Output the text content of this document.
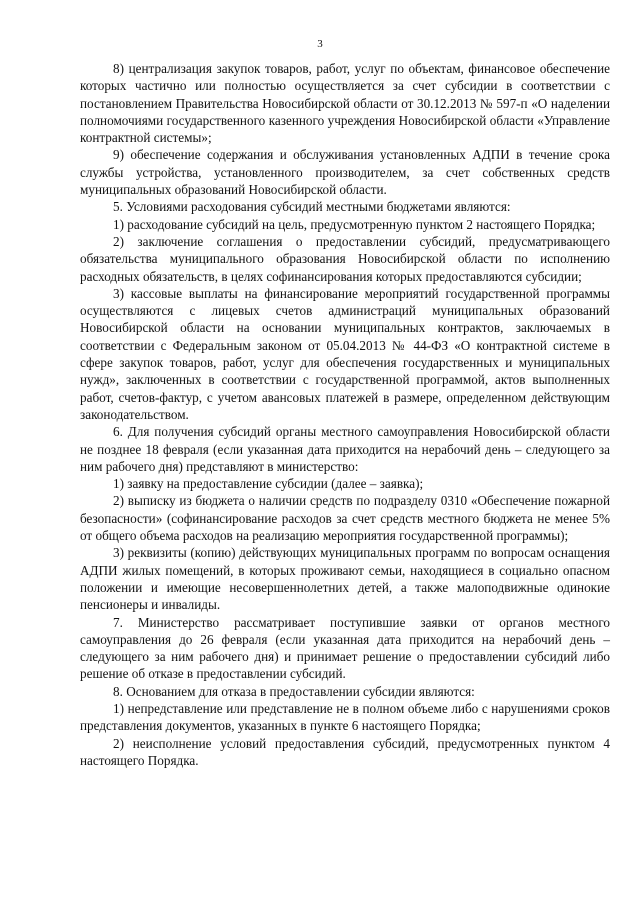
3

8) централизация закупок товаров, работ, услуг по объектам, финансовое обеспечение которых частично или полностью осуществляется за счет субсидии в соответствии с постановлением Правительства Новосибирской области от 30.12.2013 № 597-п «О наделении полномочиями государственного казенного учреждения Новосибирской области «Управление контрактной системы»;

9) обеспечение содержания и обслуживания установленных АДПИ в течение срока службы устройства, установленного производителем, за счет собственных средств муниципальных образований Новосибирской области.

5. Условиями расходования субсидий местными бюджетами являются:

1) расходование субсидий на цель, предусмотренную пунктом 2 настоящего Порядка;

2) заключение соглашения о предоставлении субсидий, предусматривающего обязательства муниципального образования Новосибирской области по исполнению расходных обязательств, в целях софинансирования которых предоставляются субсидии;

3) кассовые выплаты на финансирование мероприятий государственной программы осуществляются с лицевых счетов администраций муниципальных образований Новосибирской области на основании муниципальных контрактов, заключаемых в соответствии с Федеральным законом от 05.04.2013 № 44-ФЗ «О контрактной системе в сфере закупок товаров, работ, услуг для обеспечения государственных и муниципальных нужд», заключенных в соответствии с государственной программой, актов выполненных работ, счетов-фактур, с учетом авансовых платежей в размере, определенном действующим законодательством.

6. Для получения субсидий органы местного самоуправления Новосибирской области не позднее 18 февраля (если указанная дата приходится на нерабочий день – следующего за ним рабочего дня) представляют в министерство:

1) заявку на предоставление субсидии (далее – заявка);

2) выписку из бюджета о наличии средств по подразделу 0310 «Обеспечение пожарной безопасности» (софинансирование расходов за счет средств местного бюджета не менее 5% от общего объема расходов на реализацию мероприятия государственной программы);

3) реквизиты (копию) действующих муниципальных программ по вопросам оснащения АДПИ жилых помещений, в которых проживают семьи, находящиеся в социально опасном положении и имеющие несовершеннолетних детей, а также малоподвижные одинокие пенсионеры и инвалиды.

7. Министерство рассматривает поступившие заявки от органов местного самоуправления до 26 февраля (если указанная дата приходится на нерабочий день – следующего за ним рабочего дня) и принимает решение о предоставлении субсидий либо решение об отказе в предоставлении субсидий.

8. Основанием для отказа в предоставлении субсидии являются:

1) непредставление или представление не в полном объеме либо с нарушениями сроков представления документов, указанных в пункте 6 настоящего Порядка;

2) неисполнение условий предоставления субсидий, предусмотренных пунктом 4 настоящего Порядка.
